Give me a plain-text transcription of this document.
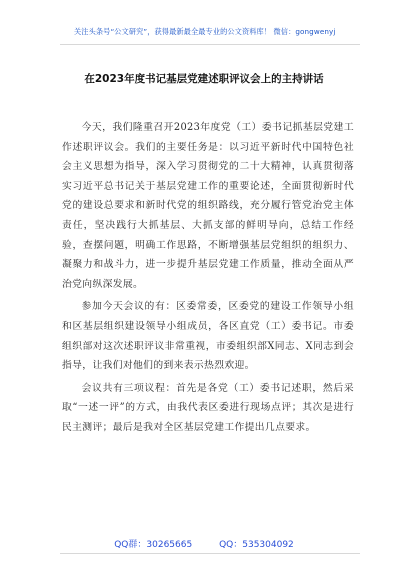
关注头条号“公文研究”，获得最新最全最专业的公文资料库！ 微信：gongwenyj
在2023年度书记基层党建述职评议会上的主持讲话

今天，我们隆重召开2023年度党（工）委书记抓基层党建工作述职评议会。我们的主要任务是：以习近平新时代中国特色社会主义思想为指导，深入学习贯彻党的二十大精神，认真贯彻落实习近平总书记关于基层党建工作的重要论述，全面贯彻新时代党的建设总要求和新时代党的组织路线，充分履行管党治党主体责任，坚决践行大抓基层、大抓支部的鲜明导向，总结工作经验，查摆问题，明确工作思路，不断增强基层党组织的组织力、凝聚力和战斗力，进一步提升基层党建工作质量，推动全面从严治党向纵深发展。

参加今天会议的有：区委常委，区委党的建设工作领导小组和区基层组织建设领导小组成员，各区直党（工）委书记。市委组织部对这次述职评议非常重视，市委组织部X同志、X同志到会指导，让我们对他们的到来表示热烈欢迎。

会议共有三项议程：首先是各党（工）委书记述职，然后采取“一述一评”的方式，由我代表区委进行现场点评；其次是进行民主测评；最后是我对全区基层党建工作提出几点要求。

QQ群：30265665	QQ：535304092
